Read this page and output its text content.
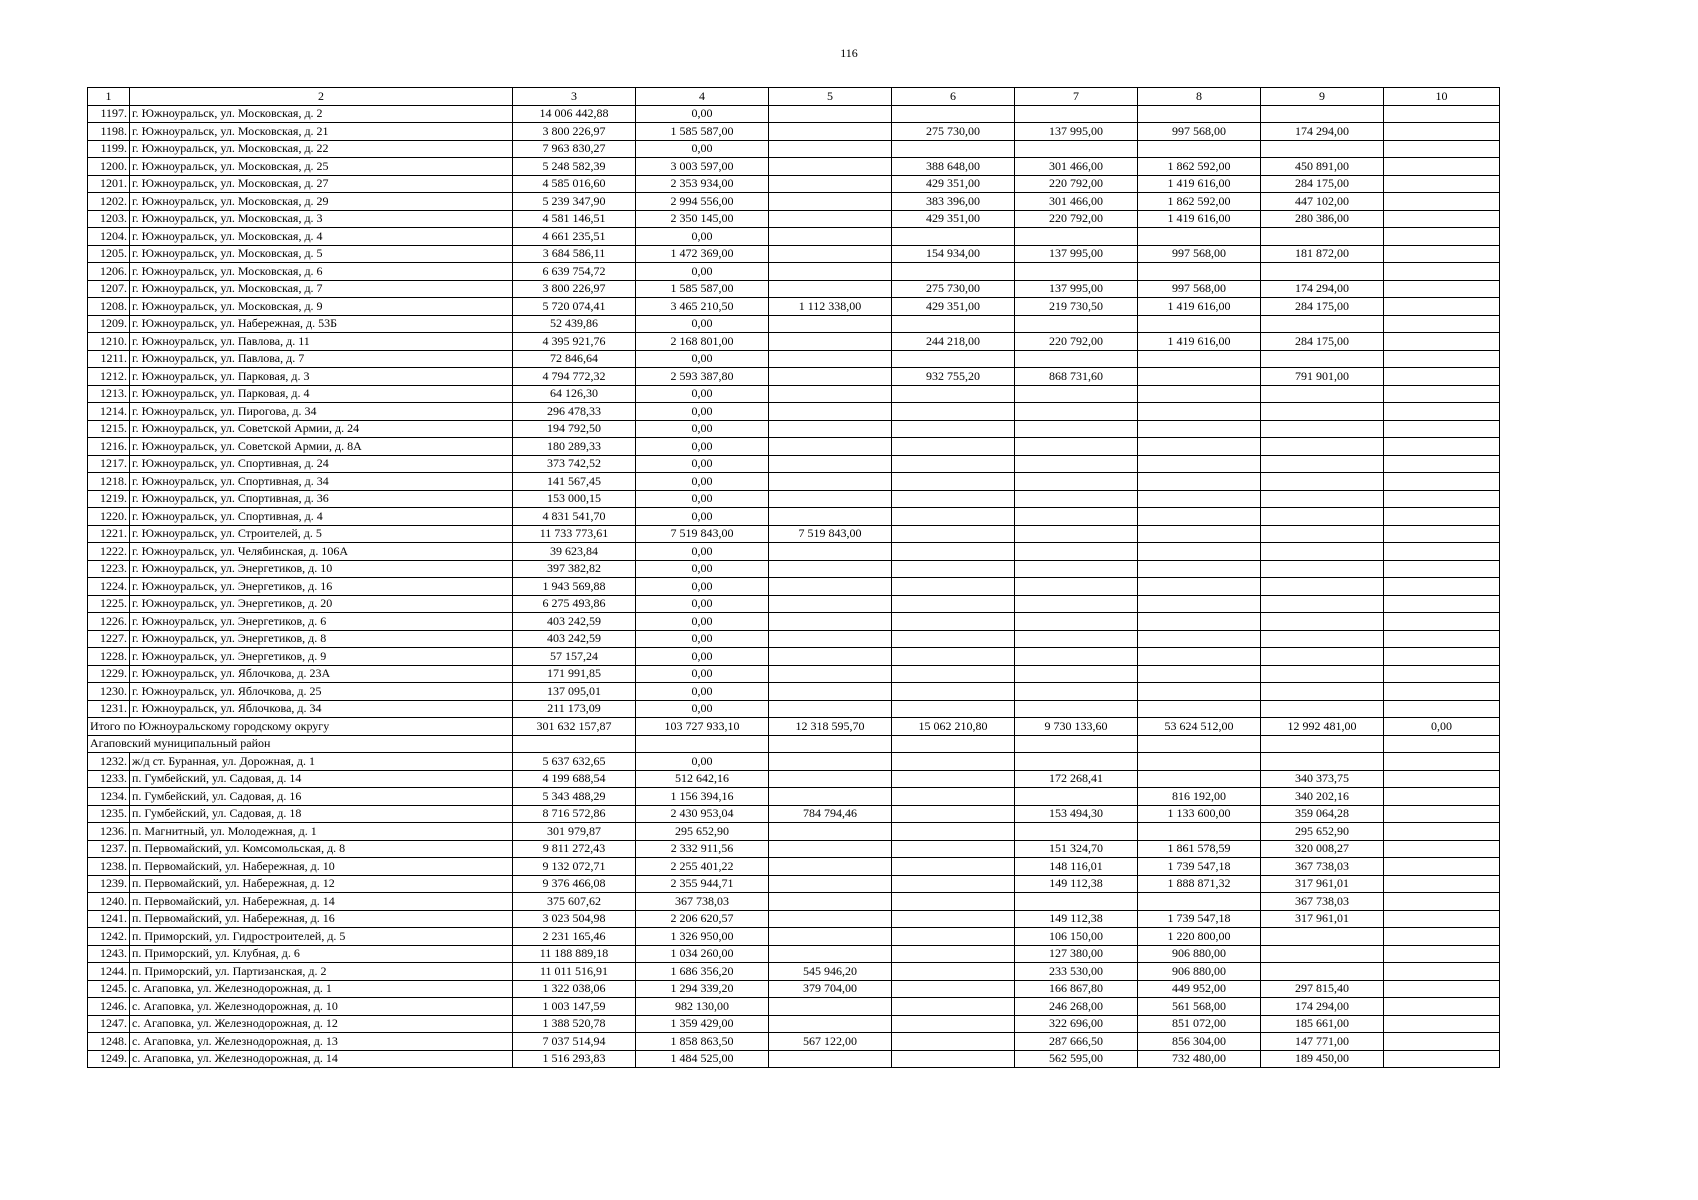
116
1	2	3	4	5	6	7	8	9	10
1197.	г. Южноуральск, ул. Московская, д. 2	14 006 442,88	0,00						
1198.	г. Южноуральск, ул. Московская, д. 21	3 800 226,97	1 585 587,00		275 730,00	137 995,00	997 568,00	174 294,00	
1199.	г. Южноуральск, ул. Московская, д. 22	7 963 830,27	0,00						
1200.	г. Южноуральск, ул. Московская, д. 25	5 248 582,39	3 003 597,00		388 648,00	301 466,00	1 862 592,00	450 891,00	
1201.	г. Южноуральск, ул. Московская, д. 27	4 585 016,60	2 353 934,00		429 351,00	220 792,00	1 419 616,00	284 175,00	
1202.	г. Южноуральск, ул. Московская, д. 29	5 239 347,90	2 994 556,00		383 396,00	301 466,00	1 862 592,00	447 102,00	
1203.	г. Южноуральск, ул. Московская, д. 3	4 581 146,51	2 350 145,00		429 351,00	220 792,00	1 419 616,00	280 386,00	
1204.	г. Южноуральск, ул. Московская, д. 4	4 661 235,51	0,00						
1205.	г. Южноуральск, ул. Московская, д. 5	3 684 586,11	1 472 369,00		154 934,00	137 995,00	997 568,00	181 872,00	
1206.	г. Южноуральск, ул. Московская, д. 6	6 639 754,72	0,00						
1207.	г. Южноуральск, ул. Московская, д. 7	3 800 226,97	1 585 587,00		275 730,00	137 995,00	997 568,00	174 294,00	
1208.	г. Южноуральск, ул. Московская, д. 9	5 720 074,41	3 465 210,50	1 112 338,00	429 351,00	219 730,50	1 419 616,00	284 175,00	
1209.	г. Южноуральск, ул. Набережная, д. 53Б	52 439,86	0,00						
1210.	г. Южноуральск, ул. Павлова, д. 11	4 395 921,76	2 168 801,00		244 218,00	220 792,00	1 419 616,00	284 175,00	
1211.	г. Южноуральск, ул. Павлова, д. 7	72 846,64	0,00						
1212.	г. Южноуральск, ул. Парковая, д. 3	4 794 772,32	2 593 387,80		932 755,20	868 731,60		791 901,00	
1213.	г. Южноуральск, ул. Парковая, д. 4	64 126,30	0,00						
1214.	г. Южноуральск, ул. Пирогова, д. 34	296 478,33	0,00						
1215.	г. Южноуральск, ул. Советской Армии, д. 24	194 792,50	0,00						
1216.	г. Южноуральск, ул. Советской Армии, д. 8А	180 289,33	0,00						
1217.	г. Южноуральск, ул. Спортивная, д. 24	373 742,52	0,00						
1218.	г. Южноуральск, ул. Спортивная, д. 34	141 567,45	0,00						
1219.	г. Южноуральск, ул. Спортивная, д. 36	153 000,15	0,00						
1220.	г. Южноуральск, ул. Спортивная, д. 4	4 831 541,70	0,00						
1221.	г. Южноуральск, ул. Строителей, д. 5	11 733 773,61	7 519 843,00	7 519 843,00					
1222.	г. Южноуральск, ул. Челябинская, д. 106А	39 623,84	0,00						
1223.	г. Южноуральск, ул. Энергетиков, д. 10	397 382,82	0,00						
1224.	г. Южноуральск, ул. Энергетиков, д. 16	1 943 569,88	0,00						
1225.	г. Южноуральск, ул. Энергетиков, д. 20	6 275 493,86	0,00						
1226.	г. Южноуральск, ул. Энергетиков, д. 6	403 242,59	0,00						
1227.	г. Южноуральск, ул. Энергетиков, д. 8	403 242,59	0,00						
1228.	г. Южноуральск, ул. Энергетиков, д. 9	57 157,24	0,00						
1229.	г. Южноуральск, ул. Яблочкова, д. 23А	171 991,85	0,00						
1230.	г. Южноуральск, ул. Яблочкова, д. 25	137 095,01	0,00						
1231.	г. Южноуральск, ул. Яблочкова, д. 34	211 173,09	0,00						
Итого по Южноуральскому городскому округу		301 632 157,87	103 727 933,10	12 318 595,70	15 062 210,80	9 730 133,60	53 624 512,00	12 992 481,00	0,00
Агаповский муниципальный район									
1232.	ж/д ст. Буранная, ул. Дорожная, д. 1	5 637 632,65	0,00						
1233.	п. Гумбейский, ул. Садовая, д. 14	4 199 688,54	512 642,16			172 268,41		340 373,75	
1234.	п. Гумбейский, ул. Садовая, д. 16	5 343 488,29	1 156 394,16				816 192,00	340 202,16	
1235.	п. Гумбейский, ул. Садовая, д. 18	8 716 572,86	2 430 953,04	784 794,46		153 494,30	1 133 600,00	359 064,28	
1236.	п. Магнитный, ул. Молодежная, д. 1	301 979,87	295 652,90					295 652,90	
1237.	п. Первомайский, ул. Комсомольская, д. 8	9 811 272,43	2 332 911,56			151 324,70	1 861 578,59	320 008,27	
1238.	п. Первомайский, ул. Набережная, д. 10	9 132 072,71	2 255 401,22			148 116,01	1 739 547,18	367 738,03	
1239.	п. Первомайский, ул. Набережная, д. 12	9 376 466,08	2 355 944,71			149 112,38	1 888 871,32	317 961,01	
1240.	п. Первомайский, ул. Набережная, д. 14	375 607,62	367 738,03					367 738,03	
1241.	п. Первомайский, ул. Набережная, д. 16	3 023 504,98	2 206 620,57			149 112,38	1 739 547,18	317 961,01	
1242.	п. Приморский, ул. Гидростроителей, д. 5	2 231 165,46	1 326 950,00			106 150,00	1 220 800,00		
1243.	п. Приморский, ул. Клубная, д. 6	11 188 889,18	1 034 260,00			127 380,00	906 880,00		
1244.	п. Приморский, ул. Партизанская, д. 2	11 011 516,91	1 686 356,20	545 946,20		233 530,00	906 880,00		
1245.	с. Агаповка, ул. Железнодорожная, д. 1	1 322 038,06	1 294 339,20	379 704,00		166 867,80	449 952,00	297 815,40	
1246.	с. Агаповка, ул. Железнодорожная, д. 10	1 003 147,59	982 130,00			246 268,00	561 568,00	174 294,00	
1247.	с. Агаповка, ул. Железнодорожная, д. 12	1 388 520,78	1 359 429,00			322 696,00	851 072,00	185 661,00	
1248.	с. Агаповка, ул. Железнодорожная, д. 13	7 037 514,94	1 858 863,50	567 122,00		287 666,50	856 304,00	147 771,00	
1249.	с. Агаповка, ул. Железнодорожная, д. 14	1 516 293,83	1 484 525,00			562 595,00	732 480,00	189 450,00	
